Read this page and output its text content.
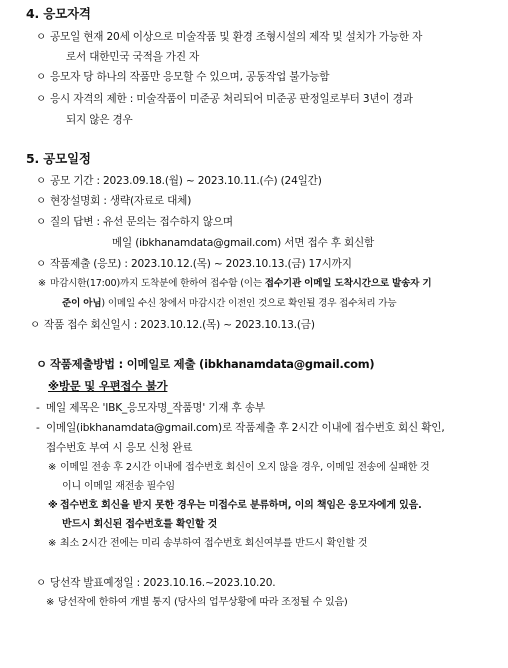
4. 응모자격
ㅇ 공모일 현재 20세 이상으로 미술작품 및 환경 조형시설의 제작 및 설치가 가능한 자
로서 대한민국 국적을 가진 자
ㅇ 응모자 당 하나의 작품만 응모할 수 있으며, 공동작업 불가능함
ㅇ 응시 자격의 제한 : 미술작품이 미준공 처리되어 미준공 판정일로부터 3년이 경과
되지 않은 경우
5. 공모일정
ㅇ 공모 기간 : 2023.09.18.(월) ~ 2023.10.11.(수) (24일간)
ㅇ 현장설명회 : 생략(자료로 대체)
ㅇ 질의 답변 : 유선 문의는 접수하지 않으며
메일 (ibkhanamdata@gmail.com) 서면 접수 후 회신함
ㅇ 작품제출 (응모) : 2023.10.12.(목) ~ 2023.10.13.(금) 17시까지
※ 마감시한(17:00)까지 도착분에 한하여 접수함 (이는 접수기관 이메일 도착시간으로 발송자 기
준이 아님) 이메일 수신 창에서 마감시간 이전인 것으로 확인될 경우 접수처리 가능
ㅇ 작품 접수 회신일시 : 2023.10.12.(목) ~ 2023.10.13.(금)
ㅇ 작품제출방법 : 이메일로 제출 (ibkhanamdata@gmail.com)
※방문 및 우편접수 불가
- 메일 제목은 'IBK_응모자명_작품명' 기재 후 송부
- 이메일(ibkhanamdata@gmail.com)로 작품제출 후 2시간 이내에 접수번호 회신 확인,
접수번호 부여 시 응모 신청 완료
※ 이메일 전송 후 2시간 이내에 접수번호 회신이 오지 않을 경우, 이메일 전송에 실패한 것
이니 이메일 재전송 필수임
※ 접수번호 회신을 받지 못한 경우는 미접수로 분류하며, 이의 책임은 응모자에게 있음.
반드시 회신된 접수번호를 확인할 것
※ 최소 2시간 전에는 미리 송부하여 접수번호 회신여부를 반드시 확인할 것
ㅇ 당선작 발표예정일 : 2023.10.16.~2023.10.20.
※ 당선작에 한하여 개별 통지 (당사의 업무상황에 따라 조정될 수 있음)
